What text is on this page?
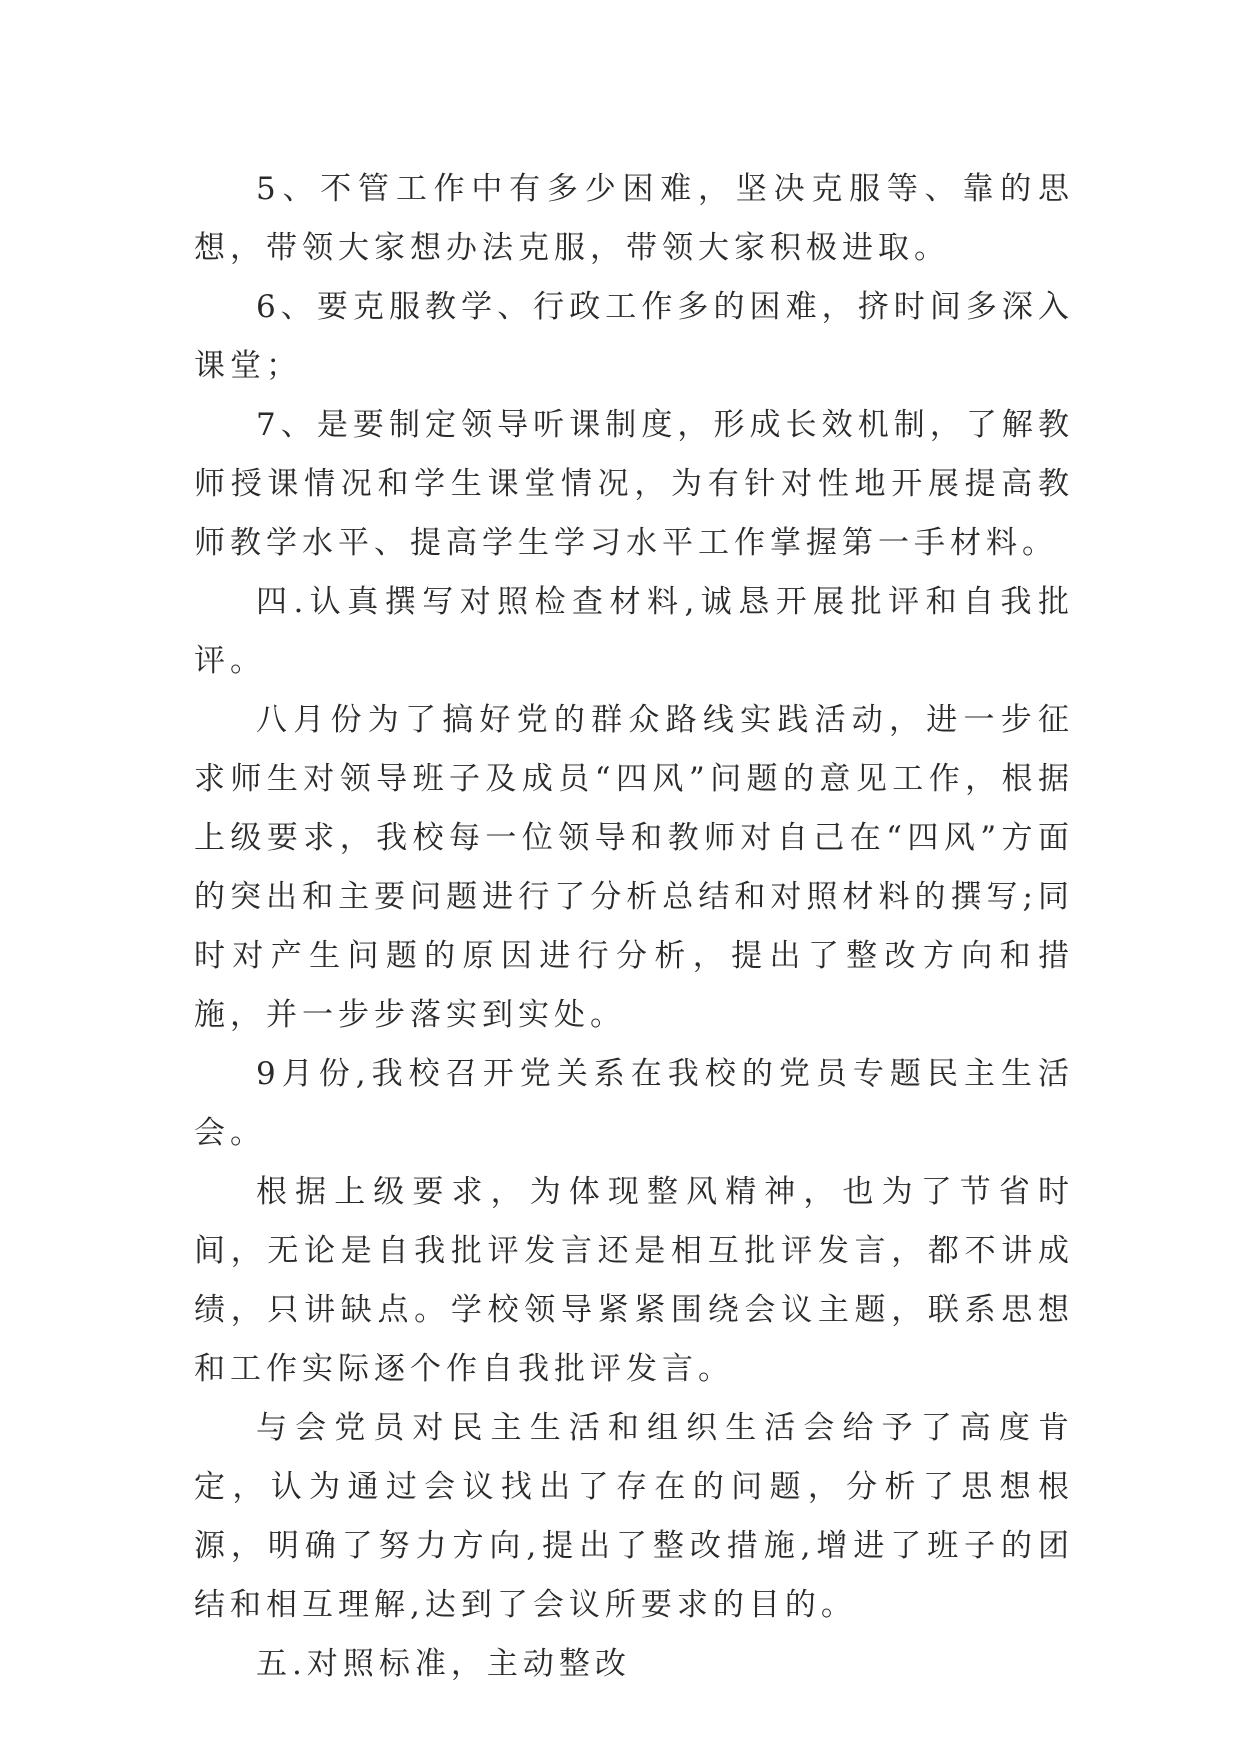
5、不管工作中有多少困难，坚决克服等、靠的思想，带领大家想办法克服，带领大家积极进取。

6、要克服教学、行政工作多的困难，挤时间多深入课堂；

7、是要制定领导听课制度，形成长效机制，了解教师授课情况和学生课堂情况，为有针对性地开展提高教师教学水平、提高学生学习水平工作掌握第一手材料。

四.认真撰写对照检查材料,诚恳开展批评和自我批评。

八月份为了搞好党的群众路线实践活动，进一步征求师生对领导班子及成员“四风”问题的意见工作，根据上级要求，我校每一位领导和教师对自己在“四风”方面的突出和主要问题进行了分析总结和对照材料的撰写;同时对产生问题的原因进行分析，提出了整改方向和措施，并一步步落实到实处。

9月份,我校召开党关系在我校的党员专题民主生活会。

根据上级要求，为体现整风精神，也为了节省时间，无论是自我批评发言还是相互批评发言，都不讲成绩，只讲缺点。学校领导紧紧围绕会议主题，联系思想和工作实际逐个作自我批评发言。

与会党员对民主生活和组织生活会给予了高度肯定，认为通过会议找出了存在的问题，分析了思想根源，明确了努力方向,提出了整改措施,增进了班子的团结和相互理解,达到了会议所要求的目的。

五.对照标准，主动整改
